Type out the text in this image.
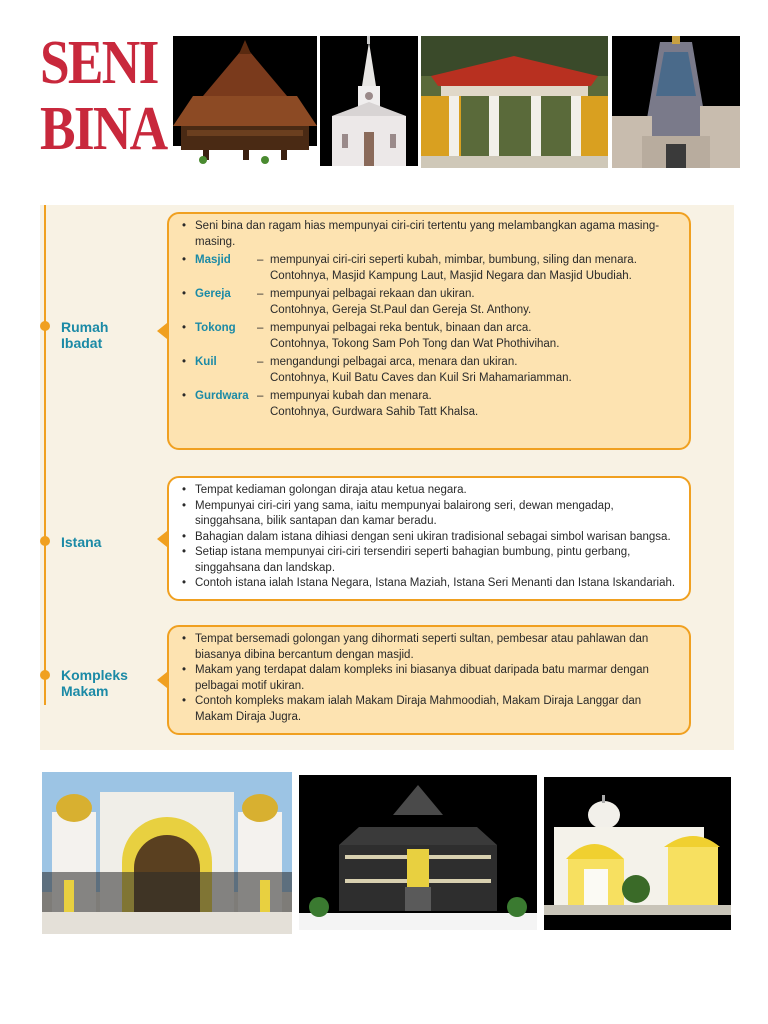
SENI
BINA
Rumah
Ibadat
• Seni bina dan ragam hias mempunyai ciri-ciri tertentu yang melambangkan agama masing-masing.
• Masjid	– mempunyai ciri-ciri seperti kubah, mimbar, bumbung, siling dan menara.
Contohnya, Masjid Kampung Laut, Masjid Negara dan Masjid Ubudiah.
• Gereja	– mempunyai pelbagai rekaan dan ukiran.
Contohnya, Gereja St.Paul dan Gereja St. Anthony.
• Tokong	– mempunyai pelbagai reka bentuk, binaan dan arca.
Contohnya, Tokong Sam Poh Tong dan Wat Phothivihan.
• Kuil	– mengandungi pelbagai arca, menara dan ukiran.
Contohnya, Kuil Batu Caves dan Kuil Sri Mahamariamman.
• Gurdwara – mempunyai kubah dan menara.
Contohnya, Gurdwara Sahib Tatt Khalsa.
Istana
• Tempat kediaman golongan diraja atau ketua negara.
• Mempunyai ciri-ciri yang sama, iaitu mempunyai balairong seri, dewan mengadap, singgahsana, bilik santapan dan kamar beradu.
• Bahagian dalam istana dihiasi dengan seni ukiran tradisional sebagai simbol warisan bangsa.
• Setiap istana mempunyai ciri-ciri tersendiri seperti bahagian bumbung, pintu gerbang, singgahsana dan landskap.
• Contoh istana ialah Istana Negara, Istana Maziah, Istana Seri Menanti dan Istana Iskandariah.
Kompleks
Makam
• Tempat bersemadi golongan yang dihormati seperti sultan, pembesar atau pahlawan dan biasanya dibina bercantum dengan masjid.
• Makam yang terdapat dalam kompleks ini biasanya dibuat daripada batu marmar dengan pelbagai motif ukiran.
• Contoh kompleks makam ialah Makam Diraja Mahmoodiah, Makam Diraja Langgar dan Makam Diraja Jugra.
